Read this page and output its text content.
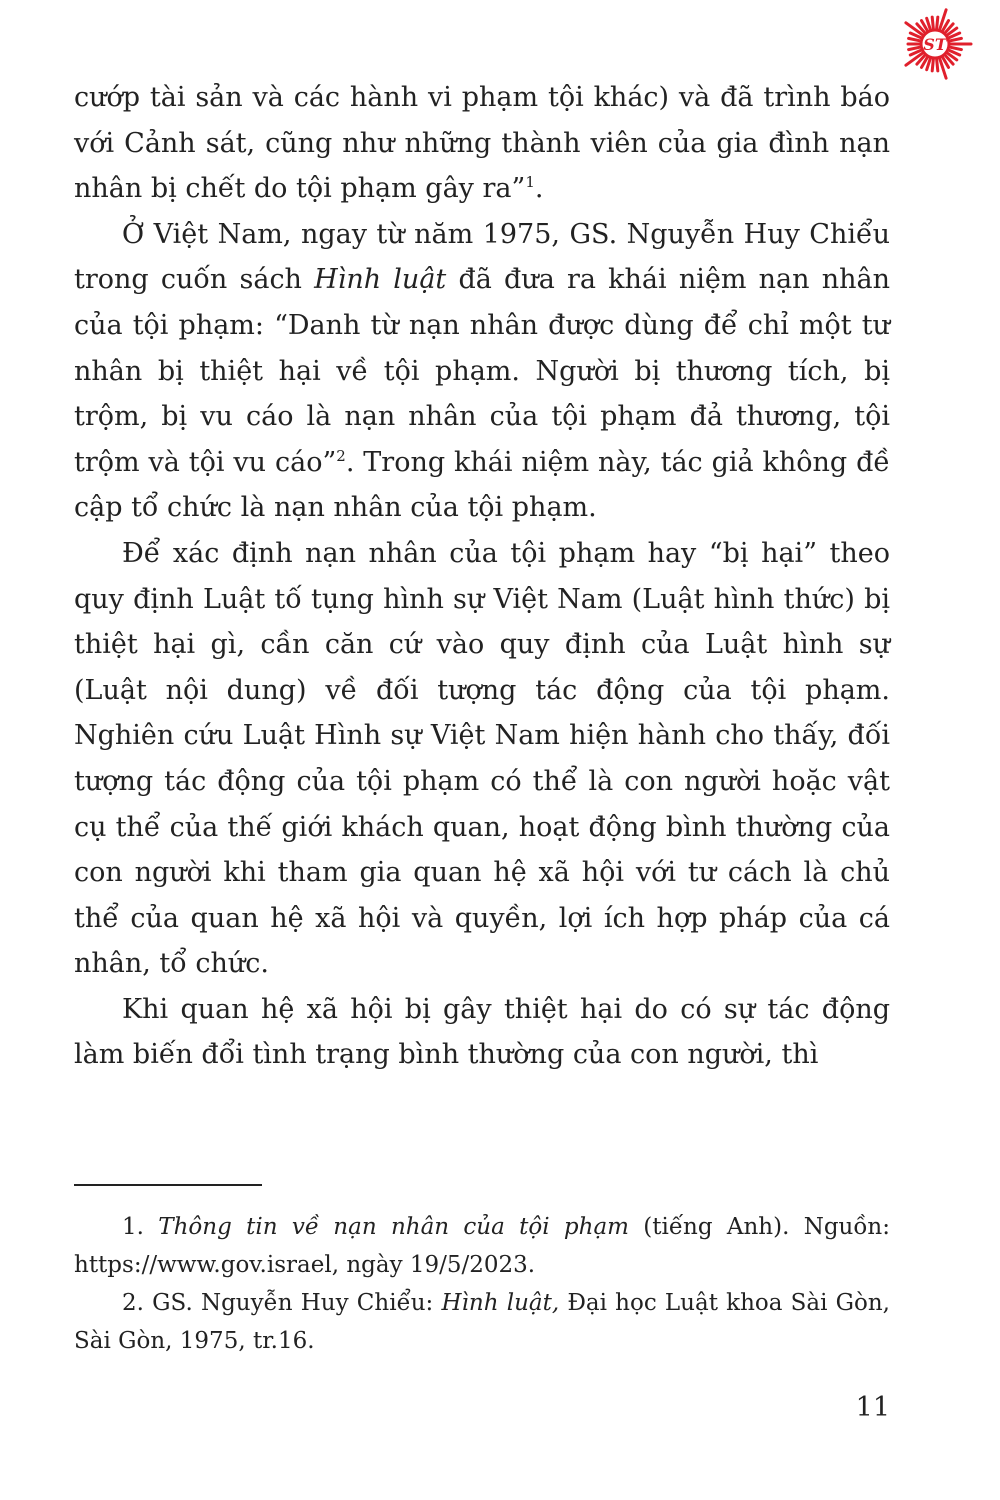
ST

cướp tài sản và các hành vi phạm tội khác) và đã trình báo với Cảnh sát, cũng như những thành viên của gia đình nạn nhân bị chết do tội phạm gây ra”$^1$.

Ở Việt Nam, ngay từ năm 1975, GS. Nguyễn Huy Chiểu trong cuốn sách Hình luật đã đưa ra khái niệm nạn nhân của tội phạm: “Danh từ nạn nhân được dùng để chỉ một tư nhân bị thiệt hại về tội phạm. Người bị thương tích, bị trộm, bị vu cáo là nạn nhân của tội phạm đả thương, tội trộm và tội vu cáo”$^2$. Trong khái niệm này, tác giả không đề cập tổ chức là nạn nhân của tội phạm.

Để xác định nạn nhân của tội phạm hay “bị hại” theo quy định Luật tố tụng hình sự Việt Nam (Luật hình thức) bị thiệt hại gì, cần căn cứ vào quy định của Luật hình sự (Luật nội dung) về đối tượng tác động của tội phạm. Nghiên cứu Luật Hình sự Việt Nam hiện hành cho thấy, đối tượng tác động của tội phạm có thể là con người hoặc vật cụ thể của thế giới khách quan, hoạt động bình thường của con người khi tham gia quan hệ xã hội với tư cách là chủ thể của quan hệ xã hội và quyền, lợi ích hợp pháp của cá nhân, tổ chức.

Khi quan hệ xã hội bị gây thiệt hại do có sự tác động làm biến đổi tình trạng bình thường của con người, thì

1. Thông tin về nạn nhân của tội phạm (tiếng Anh). Nguồn: https://www.gov.israel, ngày 19/5/2023.

2. GS. Nguyễn Huy Chiểu: Hình luật, Đại học Luật khoa Sài Gòn, Sài Gòn, 1975, tr.16.

11
